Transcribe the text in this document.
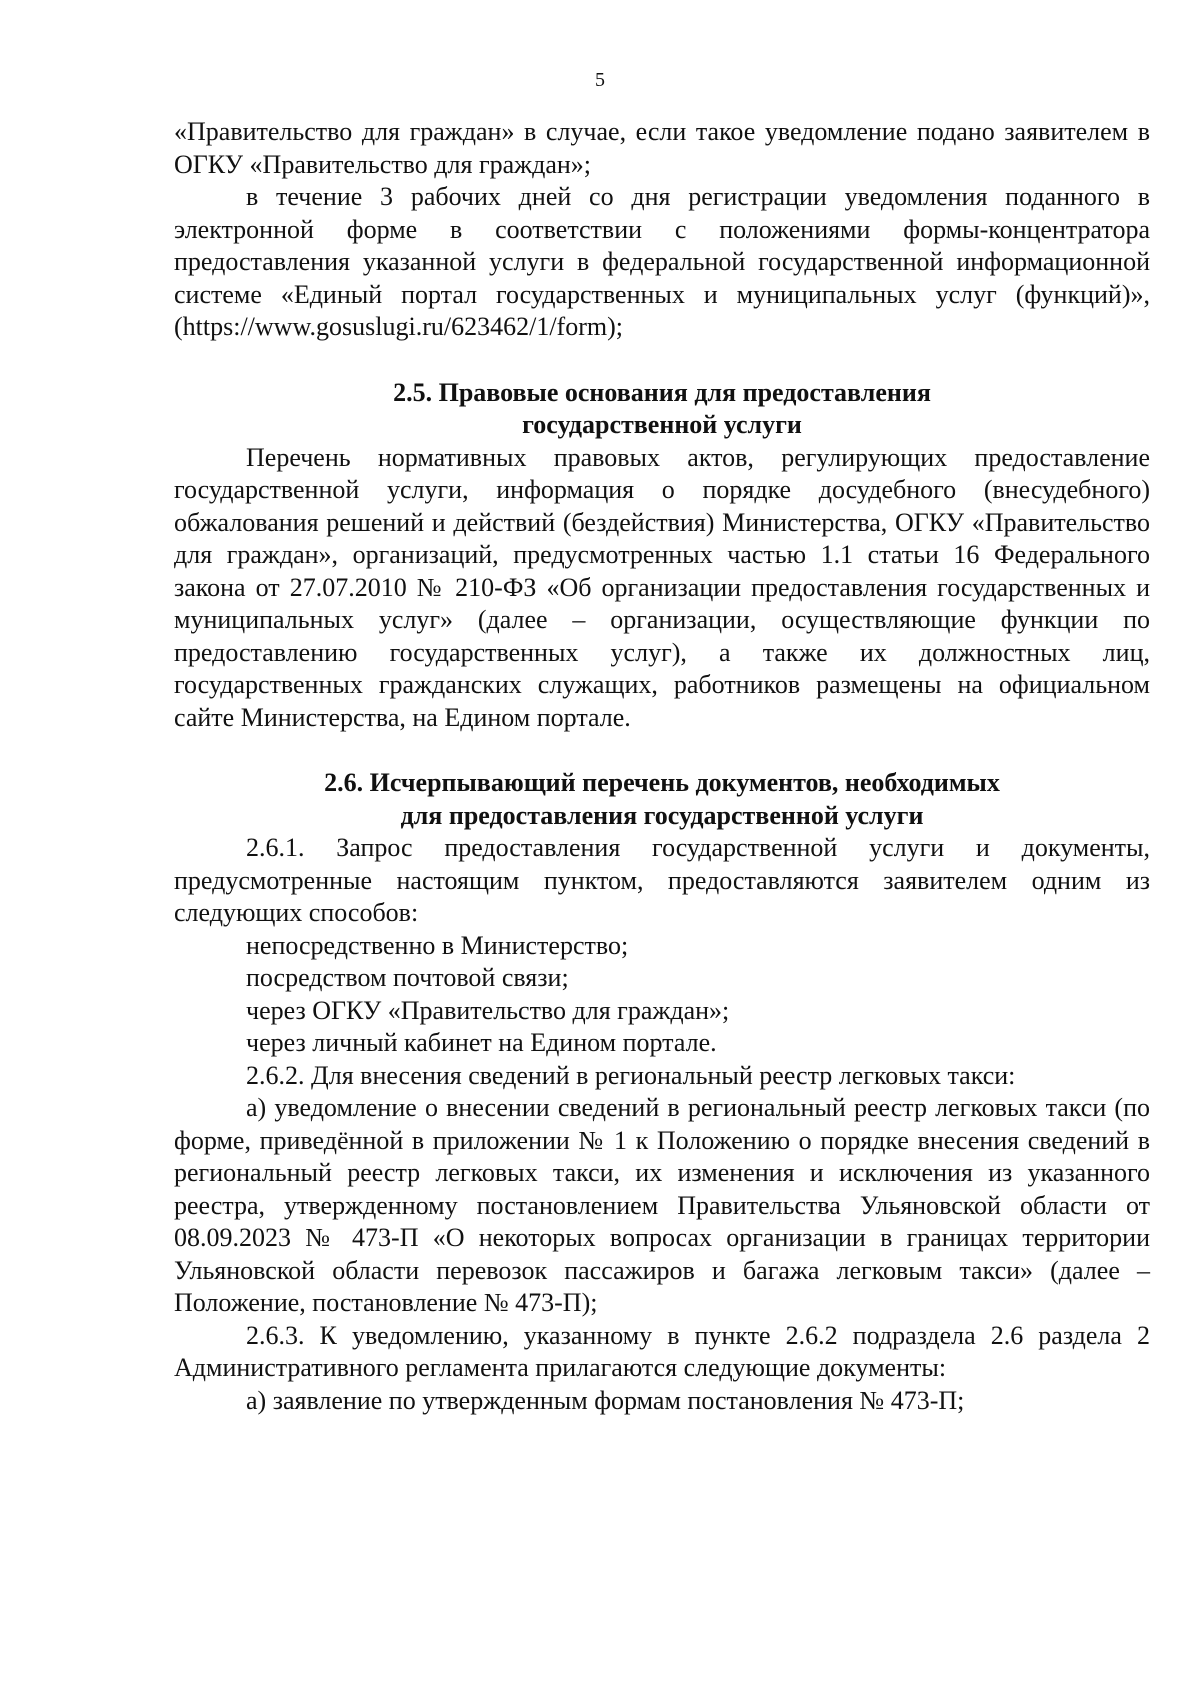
5

«Правительство для граждан» в случае, если такое уведомление подано заявителем в ОГКУ «Правительство для граждан»;

в течение 3 рабочих дней со дня регистрации уведомления поданного в электронной форме в соответствии с положениями формы-концентратора предоставления указанной услуги в федеральной государственной информационной системе «Единый портал государственных и муниципальных услуг (функций)», (https://www.gosuslugi.ru/623462/1/form);

2.5. Правовые основания для предоставления
государственной услуги

Перечень нормативных правовых актов, регулирующих предоставление государственной услуги, информация о порядке досудебного (внесудебного) обжалования решений и действий (бездействия) Министерства, ОГКУ «Правительство для граждан», организаций, предусмотренных частью 1.1 статьи 16 Федерального закона от 27.07.2010 № 210-ФЗ «Об организации предоставления государственных и муниципальных услуг» (далее – организации, осуществляющие функции по предоставлению государственных услуг), а также их должностных лиц, государственных гражданских служащих, работников размещены на официальном сайте Министерства, на Едином портале.

2.6. Исчерпывающий перечень документов, необходимых
для предоставления государственной услуги

2.6.1. Запрос предоставления государственной услуги и документы, предусмотренные настоящим пунктом, предоставляются заявителем одним из следующих способов:

непосредственно в Министерство;

посредством почтовой связи;

через ОГКУ «Правительство для граждан»;

через личный кабинет на Едином портале.

2.6.2. Для внесения сведений в региональный реестр легковых такси:

а) уведомление о внесении сведений в региональный реестр легковых такси (по форме, приведённой в приложении № 1 к Положению о порядке внесения сведений в региональный реестр легковых такси, их изменения и исключения из указанного реестра, утвержденному постановлением Правительства Ульяновской области от 08.09.2023 № 473-П «О некоторых вопросах организации в границах территории Ульяновской области перевозок пассажиров и багажа легковым такси» (далее – Положение, постановление № 473-П);

2.6.3. К уведомлению, указанному в пункте 2.6.2 подраздела 2.6 раздела 2 Административного регламента прилагаются следующие документы:

а) заявление по утвержденным формам постановления № 473-П;
